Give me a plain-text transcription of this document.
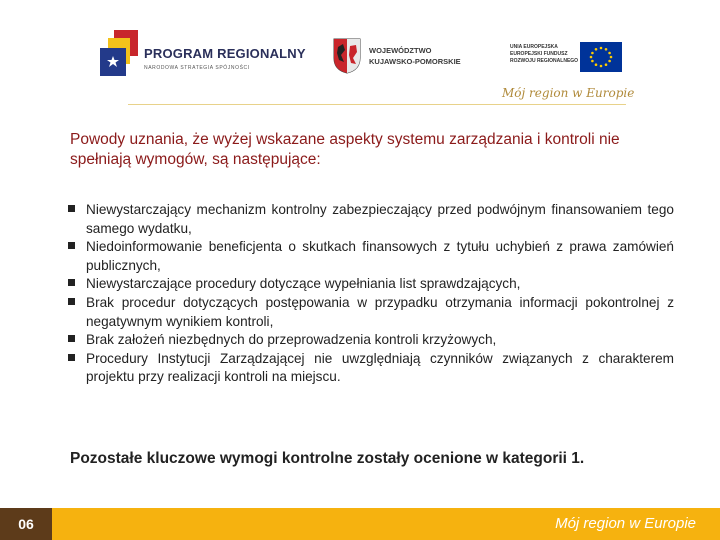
PROGRAM REGIONALNY
NARODOWA STRATEGIA SPÓJNOŚCI
WOJEWÓDZTWO
KUJAWSKO-POMORSKIE
UNIA EUROPEJSKA
EUROPEJSKI FUNDUSZ
ROZWOJU REGIONALNEGO
Mój region w Europie
Powody uznania, że wyżej wskazane aspekty systemu zarządzania i kontroli nie spełniają wymogów, są następujące:
Niewystarczający mechanizm kontrolny zabezpieczający przed podwójnym finansowaniem tego samego wydatku,
Niedoinformowanie beneficjenta o skutkach finansowych z tytułu uchybień z prawa zamówień publicznych,
Niewystarczające procedury dotyczące wypełniania list sprawdzających,
Brak procedur dotyczących postępowania w przypadku otrzymania informacji pokontrolnej z negatywnym wynikiem kontroli,
Brak założeń niezbędnych do przeprowadzenia kontroli krzyżowych,
Procedury Instytucji Zarządzającej nie uwzględniają czynników związanych z charakterem projektu przy realizacji kontroli na miejscu.
Pozostałe kluczowe wymogi kontrolne zostały ocenione w kategorii 1.
06	Mój region w Europie
